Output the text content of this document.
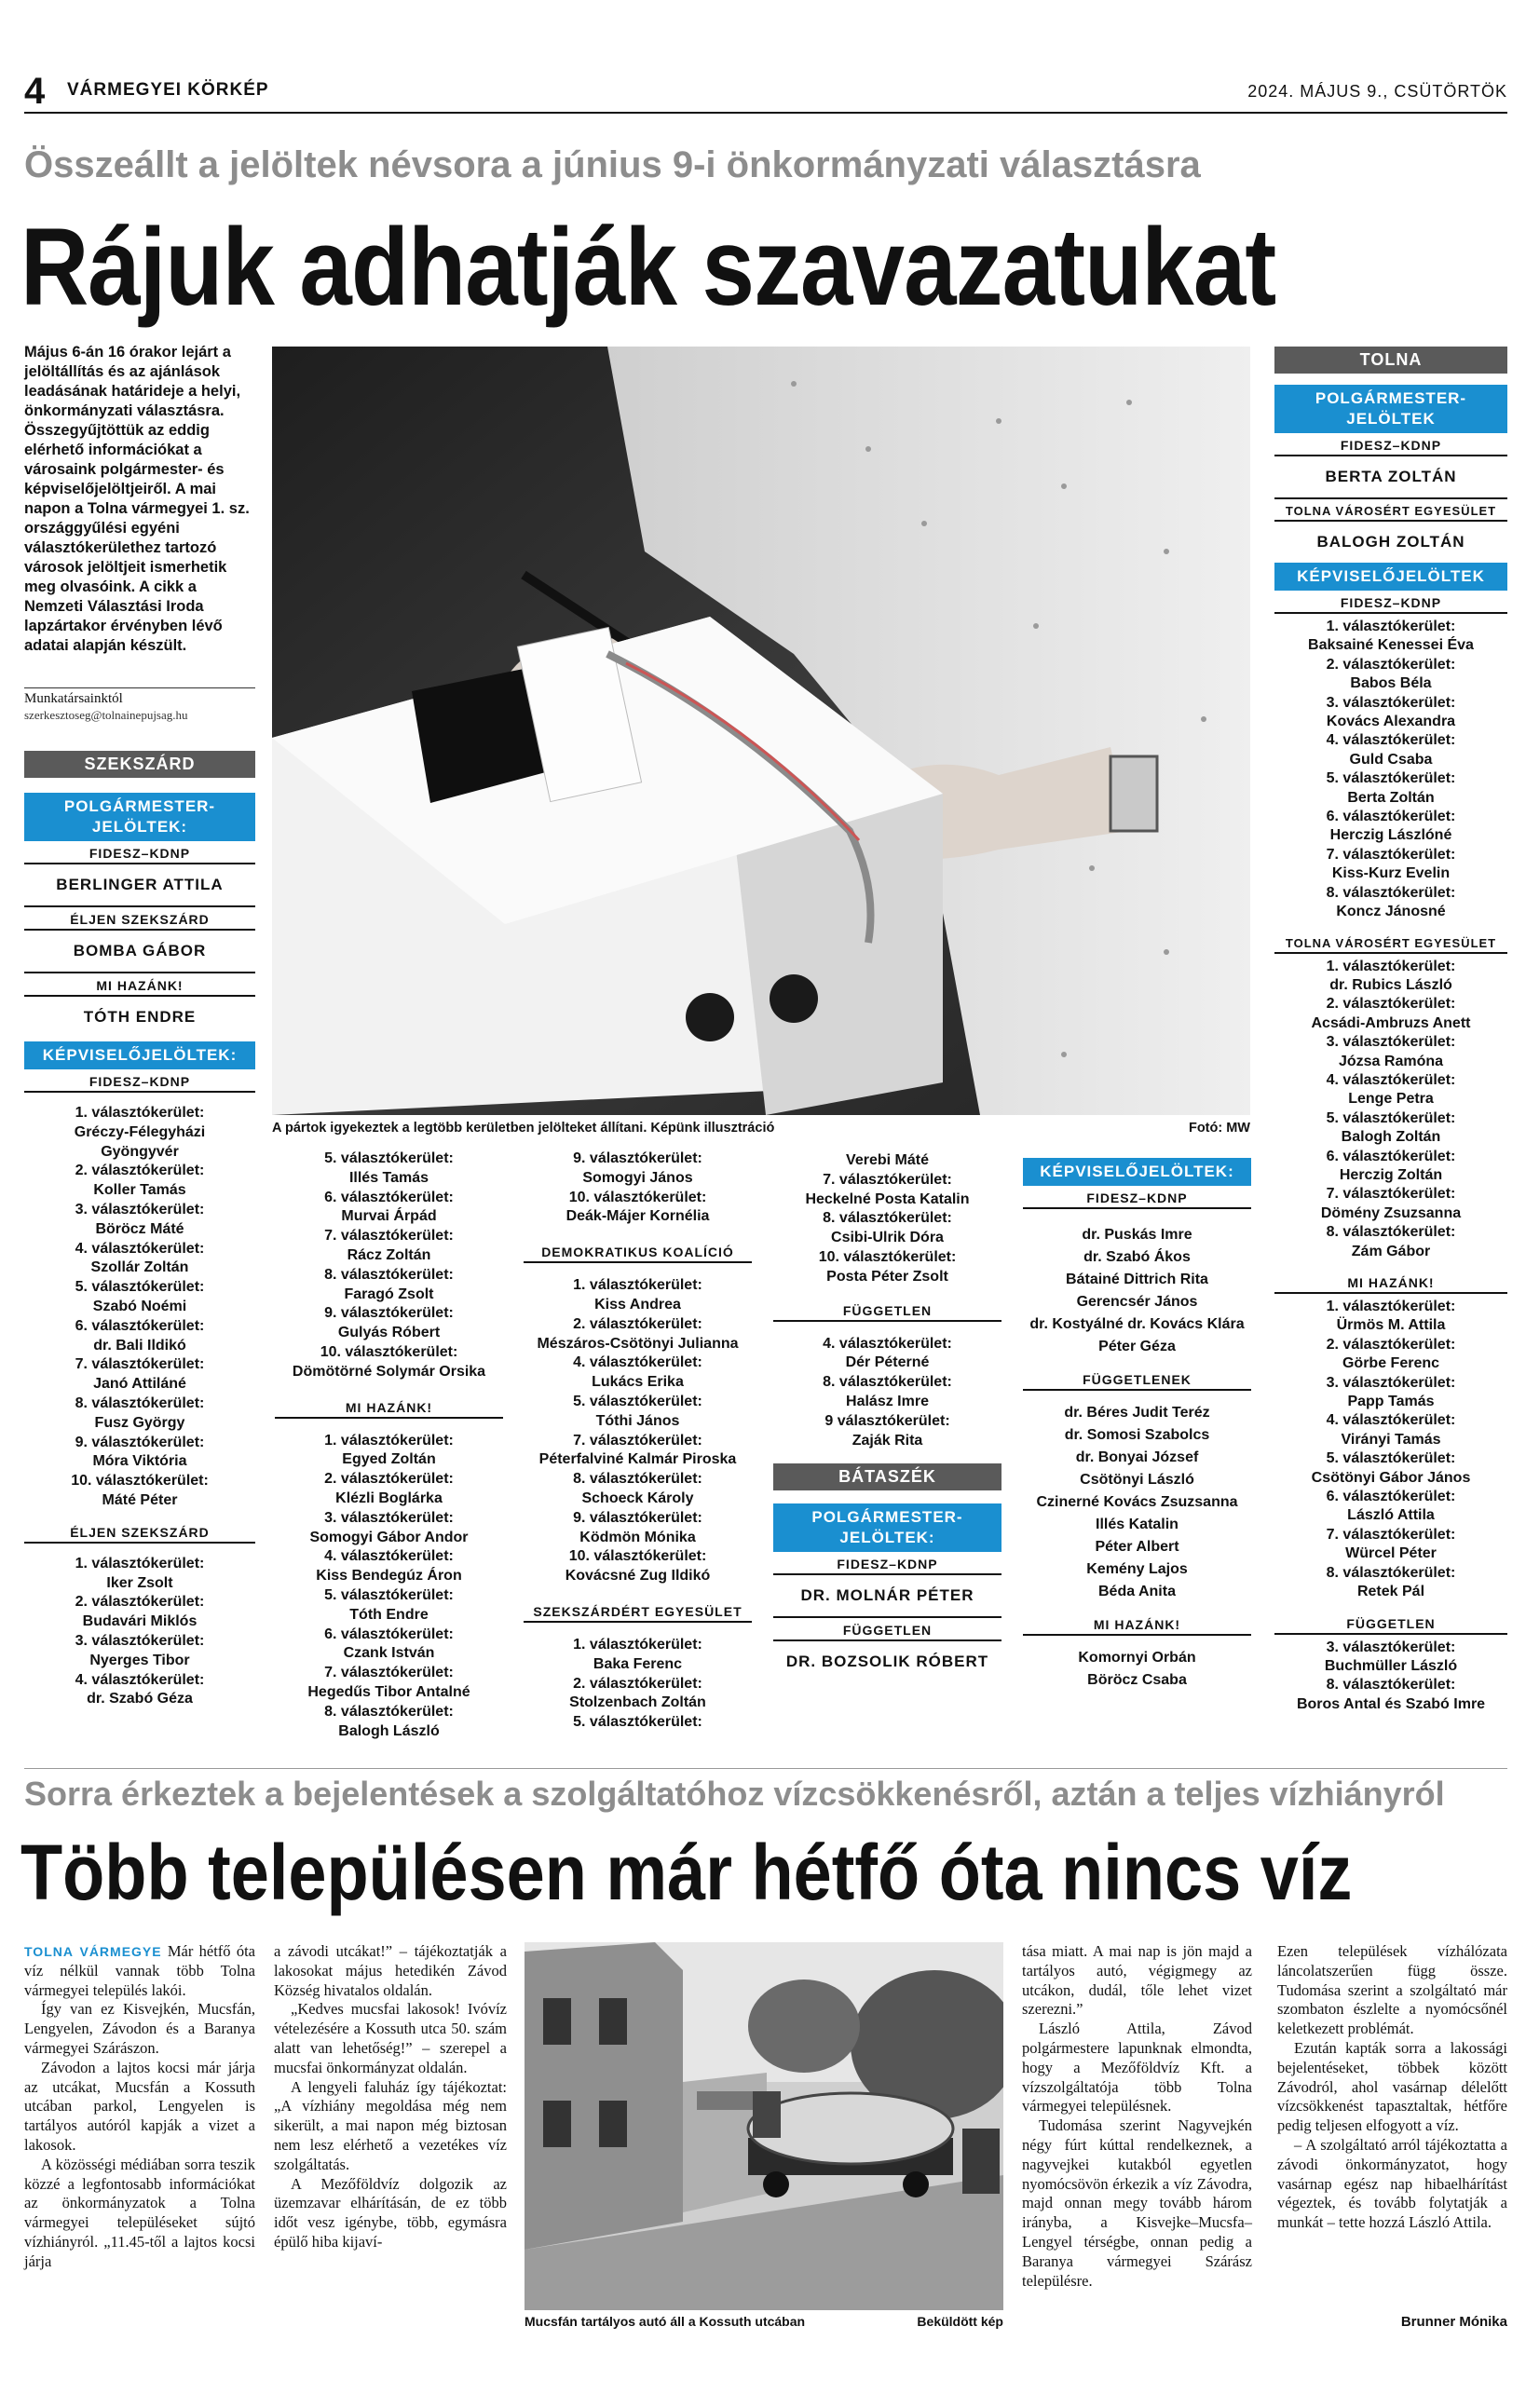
4 VÁRMEGYEI KÖRKÉP	2024. MÁJUS 9., CSÜTÖRTÖK
Összeállt a jelöltek névsora a június 9-i önkormányzati választásra
Rájuk adhatják szavazatukat
Május 6-án 16 órakor lejárt a jelöltállítás és az ajánlások leadásának határideje a helyi, önkormányzati választásra. Összegyűjtöttük az eddig elérhető információkat a városaink polgármester- és képviselőjelöltjeiről. A mai napon a Tolna vármegyei 1. sz. országgyűlési egyéni választókerülethez tartozó városok jelöltjeit ismerhetik meg olvasóink. A cikk a Nemzeti Választási Iroda lapzártakor érvényben lévő adatai alapján készült.
Munkatársainktól
szerkesztoseg@tolnainepujsag.hu
SZEKSZÁRD
POLGÁRMESTER-
JELÖLTEK:
FIDESZ–KDNP
BERLINGER ATTILA
ÉLJEN SZEKSZÁRD
BOMBA GÁBOR
MI HAZÁNK!
TÓTH ENDRE
KÉPVISELŐJELÖLTEK:
FIDESZ–KDNP

1. választókerület:

Gréczy-Félegyházi

Gyöngyvér

2. választókerület:

Koller Tamás

3. választókerület:

Böröcz Máté

4. választókerület:

Szollár Zoltán

5. választókerület:

Szabó Noémi

6. választókerület:

dr. Bali Ildikó

7. választókerület:

Janó Attiláné

8. választókerület:

Fusz György

9. választókerület:

Móra Viktória

10. választókerület:

Máté Péter

ÉLJEN SZEKSZÁRD

1. választókerület:

Iker Zsolt

2. választókerület:

Budavári Miklós

3. választókerület:

Nyerges Tibor

4. választókerület:

dr. Szabó Géza

A pártok igyekeztek a legtöbb kerületben jelölteket állítani. Képünk illusztráció	Fotó: MW

5. választókerület:

Illés Tamás

6. választókerület:

Murvai Árpád

7. választókerület:

Rácz Zoltán

8. választókerület:

Faragó Zsolt

9. választókerület:

Gulyás Róbert

10. választókerület:

Dömötörné Solymár Orsika

MI HAZÁNK!

1. választókerület:

Egyed Zoltán

2. választókerület:

Klézli Boglárka

3. választókerület:

Somogyi Gábor Andor

4. választókerület:

Kiss Bendegúz Áron

5. választókerület:

Tóth Endre

6. választókerület:

Czank István

7. választókerület:

Hegedűs Tibor Antalné

8. választókerület:

Balogh László

9. választókerület:

Somogyi János

10. választókerület:

Deák-Májer Kornélia

DEMOKRATIKUS KOALÍCIÓ

1. választókerület:

Kiss Andrea

2. választókerület:

Mészáros-Csötönyi Julianna

4. választókerület:

Lukács Erika

5. választókerület:

Tóthi János

7. választókerület:

Péterfalviné Kalmár Piroska

8. választókerület:

Schoeck Károly

9. választókerület:

Ködmön Mónika

10. választókerület:

Kovácsné Zug Ildikó

SZEKSZÁRDÉRT EGYESÜLET

1. választókerület:

Baka Ferenc

2. választókerület:

Stolzenbach Zoltán

5. választókerület:

Verebi Máté

7. választókerület:

Heckelné Posta Katalin

8. választókerület:

Csibi-Ulrik Dóra

10. választókerület:

Posta Péter Zsolt

FÜGGETLEN

4. választókerület:

Dér Péterné

8. választókerület:

Halász Imre

9 választókerület:

Zaják Rita

BÁTASZÉK
POLGÁRMESTER-
JELÖLTEK:
FIDESZ–KDNP
DR. MOLNÁR PÉTER
FÜGGETLEN
DR. BOZSOLIK RÓBERT
KÉPVISELŐJELÖLTEK:
FIDESZ–KDNP

dr. Puskás Imre

dr. Szabó Ákos

Bátainé Dittrich Rita

Gerencsér János

dr. Kostyálné dr. Kovács Klára

Péter Géza

FÜGGETLENEK

dr. Béres Judit Teréz

dr. Somosi Szabolcs

dr. Bonyai József

Csötönyi László

Czinerné Kovács Zsuzsanna

Illés Katalin

Péter Albert

Kemény Lajos

Béda Anita

MI HAZÁNK!

Komornyi Orbán

Böröcz Csaba

TOLNA
POLGÁRMESTER-
JELÖLTEK
FIDESZ–KDNP
BERTA ZOLTÁN
TOLNA VÁROSÉRT EGYESÜLET
BALOGH ZOLTÁN
KÉPVISELŐJELÖLTEK
FIDESZ–KDNP

1. választókerület:

Baksainé Kenessei Éva

2. választókerület:

Babos Béla

3. választókerület:

Kovács Alexandra

4. választókerület:

Guld Csaba

5. választókerület:

Berta Zoltán

6. választókerület:

Herczig Lászlóné

7. választókerület:

Kiss-Kurz Evelin

8. választókerület:

Koncz Jánosné

TOLNA VÁROSÉRT EGYESÜLET

1. választókerület:

dr. Rubics László

2. választókerület:

Acsádi-Ambruzs Anett

3. választókerület:

Józsa Ramóna

4. választókerület:

Lenge Petra

5. választókerület:

Balogh Zoltán

6. választókerület:

Herczig Zoltán

7. választókerület:

Dömény Zsuzsanna

8. választókerület:

Zám Gábor

MI HAZÁNK!

1. választókerület:

Ürmös M. Attila

2. választókerület:

Görbe Ferenc

3. választókerület:

Papp Tamás

4. választókerület:

Virányi Tamás

5. választókerület:

Csötönyi Gábor János

6. választókerület:

László Attila

7. választókerület:

Würcel Péter

8. választókerület:

Retek Pál

FÜGGETLEN

3. választókerület:

Buchmüller László

8. választókerület:

Boros Antal és Szabó Imre

Sorra érkeztek a bejelentések a szolgáltatóhoz vízcsökkenésről, aztán a teljes vízhiányról
Több településen már hétfő óta nincs víz

TOLNA VÁRMEGYE Már hétfő óta víz nélkül vannak több Tolna vármegyei település lakói.

Így van ez Kisvejkén, Mucsfán, Lengyelen, Závodon és a Baranya vármegyei Szárászon.

Závodon a lajtos kocsi már járja az utcákat, Mucsfán a Kossuth utcában parkol, Lengyelen is tartályos autóról kapják a vizet a lakosok.

A közösségi médiában sorra teszik közzé a legfontosabb információkat az önkormányzatok a Tolna vármegyei településeket sújtó vízhiányról. „11.45-től a lajtos kocsi járja

a závodi utcákat!” – tájékoztatják a lakosokat május hetedikén Závod Község hivatalos oldalán.

„Kedves mucsfai lakosok! Ivóvíz vételezésére a Kossuth utca 50. szám alatt van lehetőség!” – szerepel a mucsfai önkormányzat oldalán.

A lengyeli faluház így tájékoztat: „A vízhiány megoldása még nem sikerült, a mai napon még biztosan nem lesz elérhető a vezetékes víz szolgáltatás.

A Mezőföldvíz dolgozik az üzemzavar elhárításán, de ez több időt vesz igénybe, több, egymásra épülő hiba kijaví-

Mucsfán tartályos autó áll a Kossuth utcában	Beküldött kép

tása miatt. A mai nap is jön majd a tartályos autó, végigmegy az utcákon, dudál, tőle lehet vizet szerezni.”

László Attila, Závod polgármestere lapunknak elmondta, hogy a Mezőföldvíz Kft. a vízszolgáltatója több Tolna vármegyei településnek.

Tudomása szerint Nagyvejkén négy fúrt kúttal rendelkeznek, a nagyvejkei kutakból egyetlen nyomócsövön érkezik a víz Závodra, majd onnan megy tovább három irányba, a Kisvejke–Mucsfa–Lengyel térségbe, onnan pedig a Baranya vármegyei Szárász településre.

Ezen települések vízhálózata láncolatszerűen függ össze. Tudomása szerint a szolgáltató már szombaton észlelte a nyomócsőnél keletkezett problémát.

Ezután kapták sorra a lakossági bejelentéseket, többek között Závodról, ahol vasárnap délelőtt vízcsökkenést tapasztaltak, hétfőre pedig teljesen elfogyott a víz.

– A szolgáltató arról tájékoztatta a závodi önkormányzatot, hogy vasárnap egész nap hibaelhárítást végeztek, és tovább folytatják a munkát – tette hozzá László Attila.

Brunner Mónika
